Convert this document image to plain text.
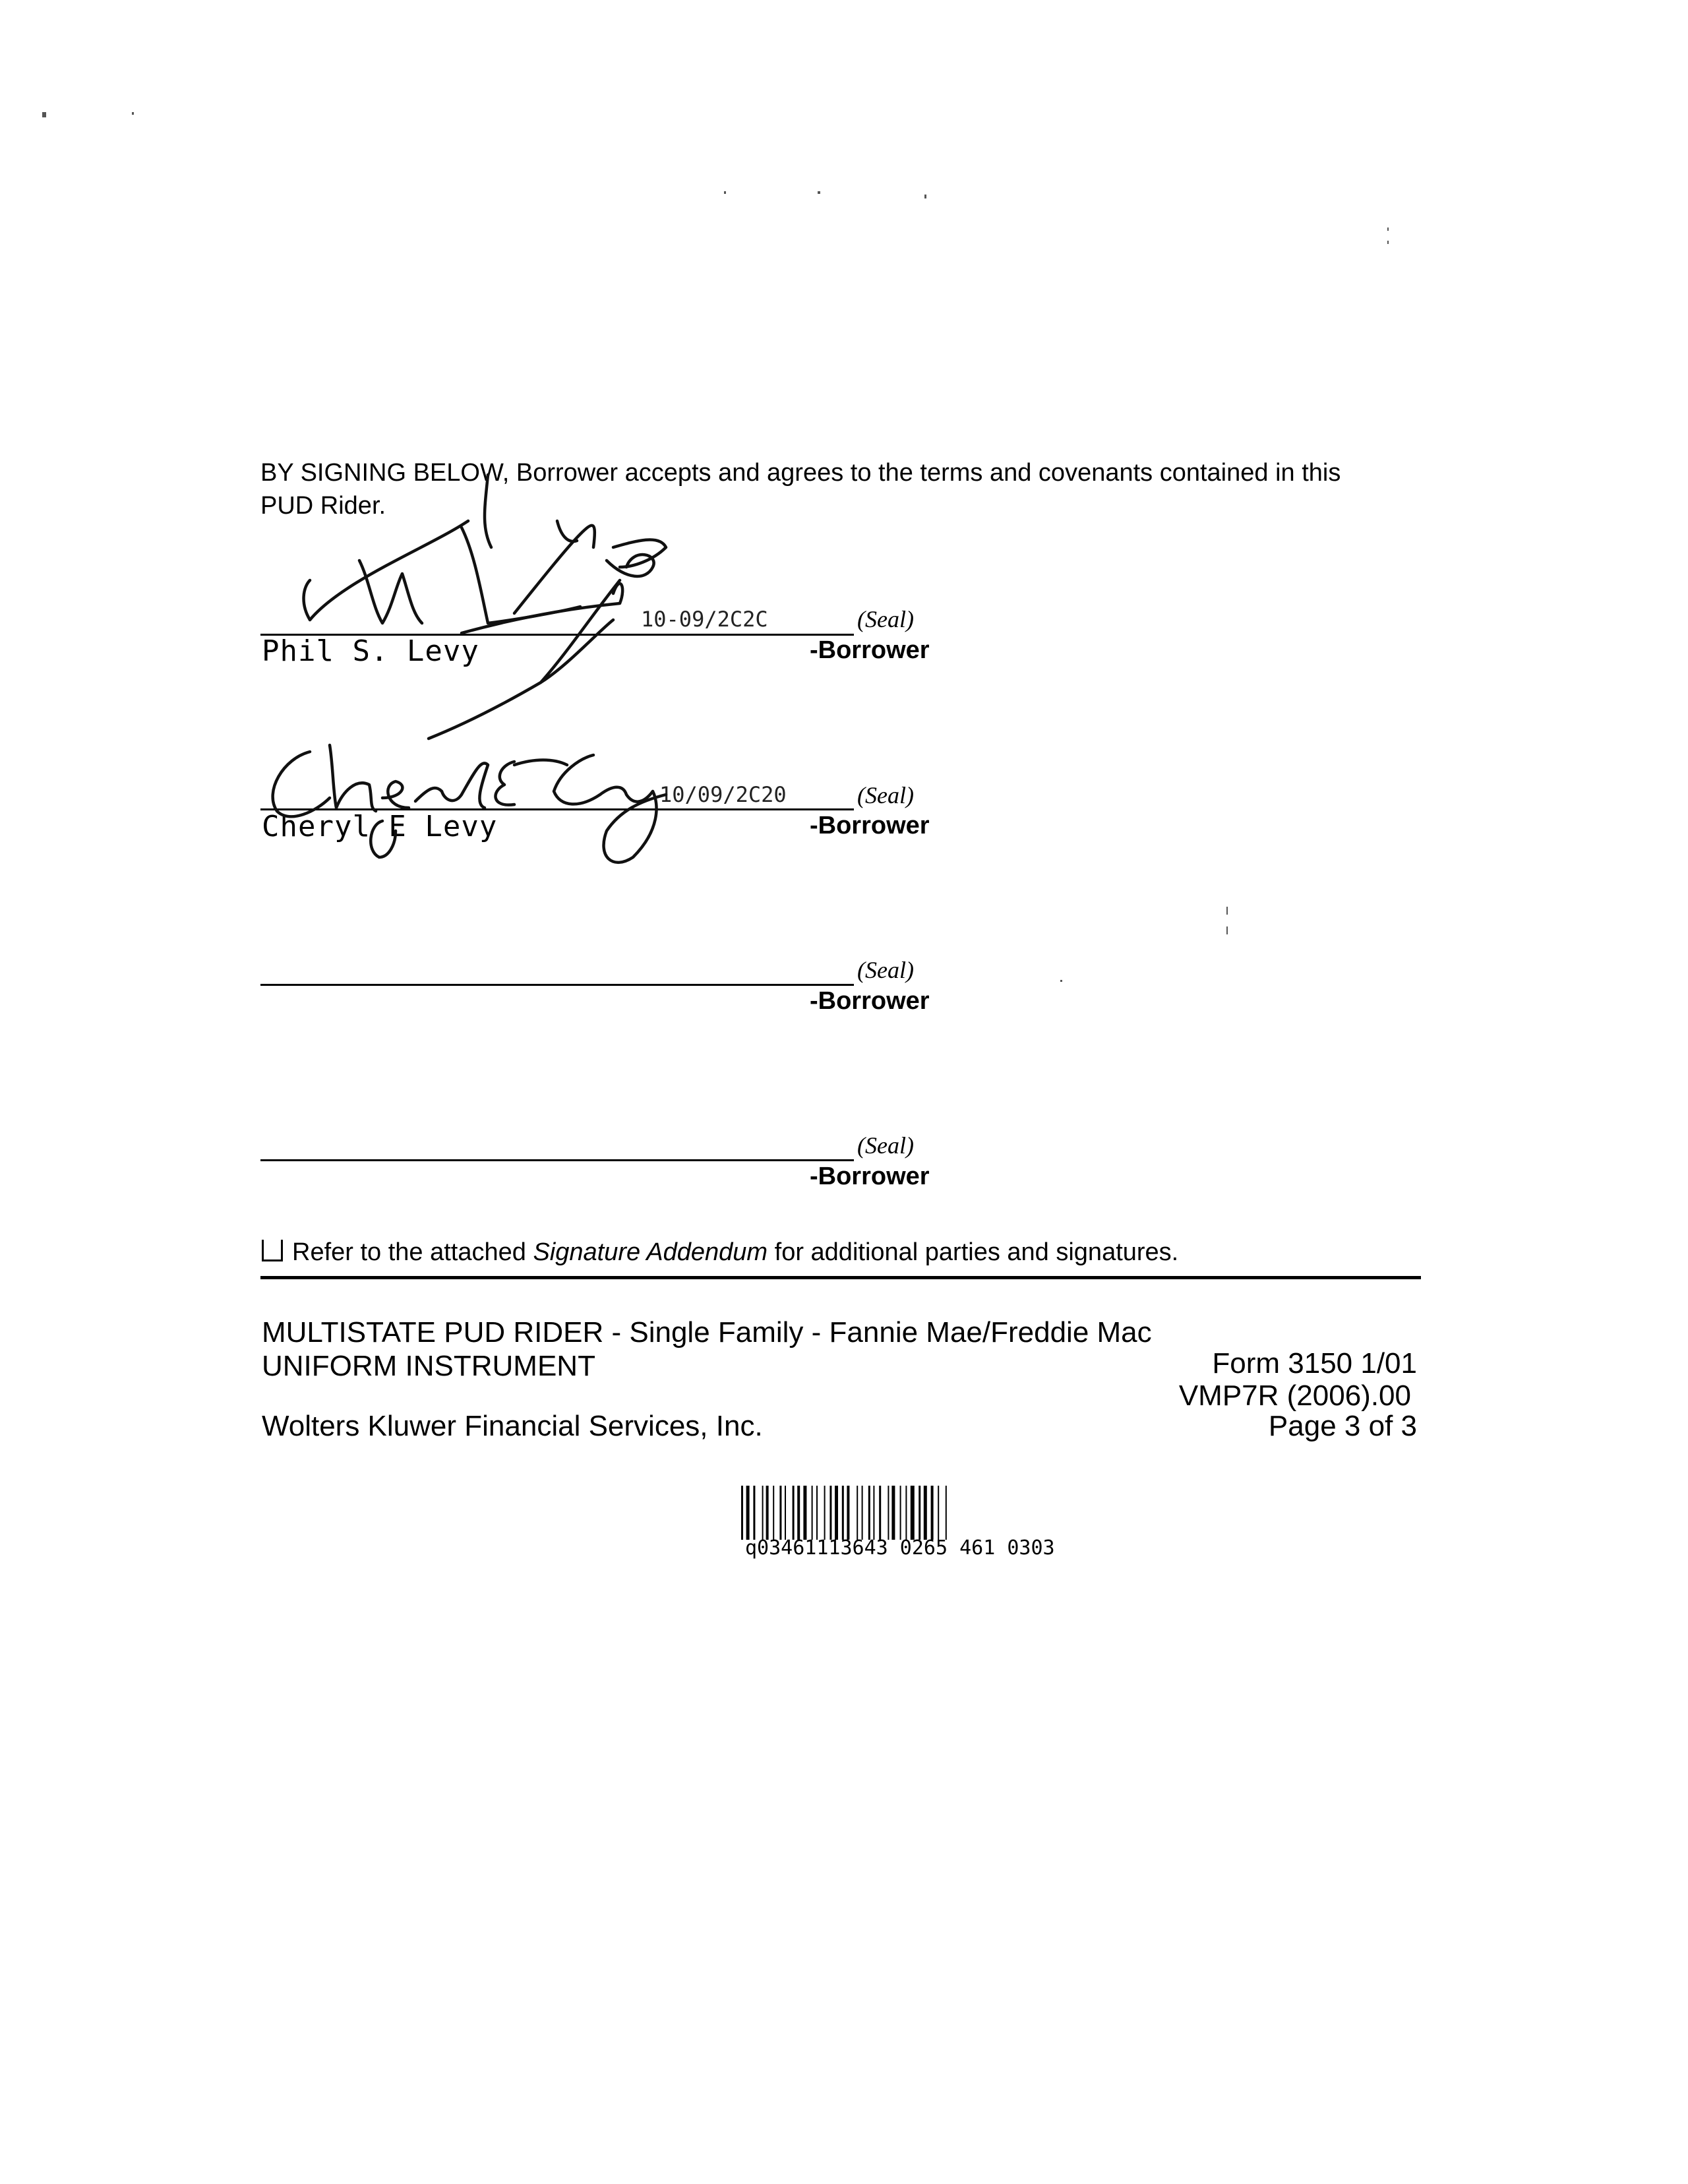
BY SIGNING BELOW, Borrower accepts and agrees to the terms and covenants contained in this PUD Rider.
10-09/2C2C	(Seal)
Phil S. Levy	-Borrower
10/09/2C20	(Seal)
Cheryl E Levy	-Borrower
(Seal)
-Borrower
(Seal)
-Borrower
Refer to the attached Signature Addendum for additional parties and signatures.
MULTISTATE PUD RIDER - Single Family - Fannie Mae/Freddie Mac
UNIFORM INSTRUMENT	Form 3150 1/01
VMP7R (2006).00
Wolters Kluwer Financial Services, Inc.	Page 3 of 3
q03461113643 0265 461 0303
